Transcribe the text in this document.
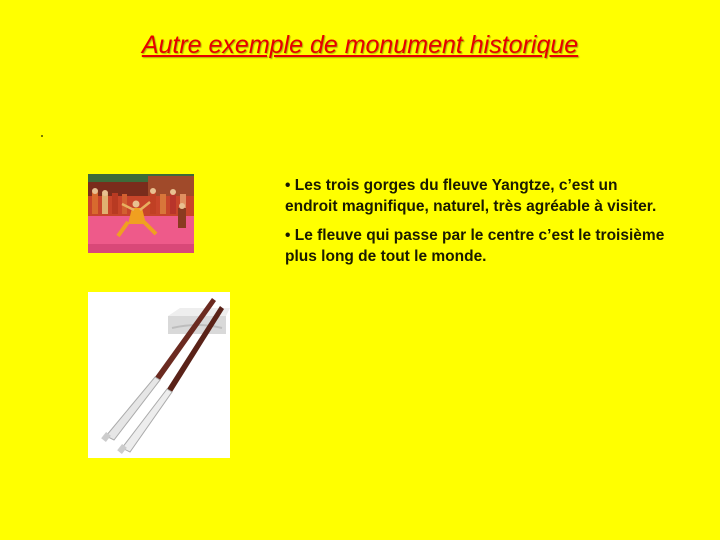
Autre exemple de monument historique

• Les trois gorges du fleuve Yangtze, c’est un endroit magnifique, naturel, très agréable à visiter.

• Le fleuve qui passe par le centre c’est le troisième plus long de tout le monde.
